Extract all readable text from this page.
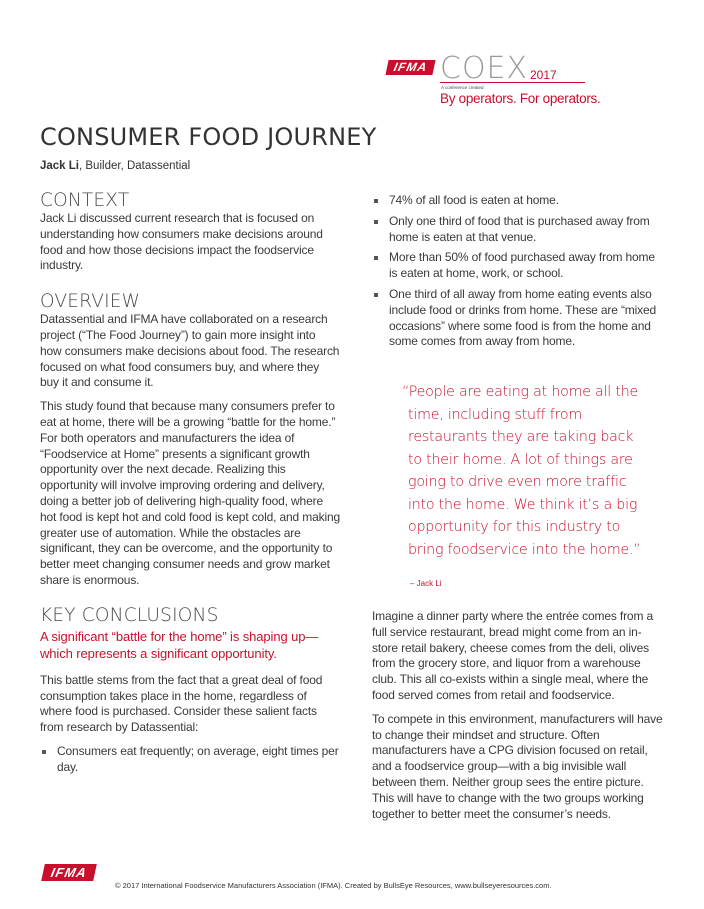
IFMA COEX 2017
A conference created
By operators. For operators.
CONSUMER FOOD JOURNEY
Jack Li, Builder, Datassential
CONTEXT

Jack Li discussed current research that is focused on understanding how consumers make decisions around food and how those decisions impact the foodservice industry.

OVERVIEW

Datassential and IFMA have collaborated on a research project (“The Food Journey”) to gain more insight into how consumers make decisions about food. The research focused on what food consumers buy, and where they buy it and consume it.

This study found that because many consumers prefer to eat at home, there will be a growing “battle for the home.” For both operators and manufacturers the idea of “Foodservice at Home” presents a significant growth opportunity over the next decade. Realizing this opportunity will involve improving ordering and delivery, doing a better job of delivering high-quality food, where hot food is kept hot and cold food is kept cold, and making greater use of automation. While the obstacles are significant, they can be overcome, and the opportunity to better meet changing consumer needs and grow market share is enormous.

KEY CONCLUSIONS
A significant “battle for the home” is shaping up—which represents a significant opportunity.

This battle stems from the fact that a great deal of food consumption takes place in the home, regardless of where food is purchased. Consider these salient facts from research by Datassential:

Consumers eat frequently; on average, eight times per day.
74% of all food is eaten at home.
Only one third of food that is purchased away from home is eaten at that venue.
More than 50% of food purchased away from home is eaten at home, work, or school.
One third of all away from home eating events also include food or drinks from home. These are “mixed occasions” where some food is from the home and some comes from away from home.
“People are eating at home all the time, including stuff from restaurants they are taking back to their home. A lot of things are going to drive even more traffic into the home. We think it’s a big opportunity for this industry to bring foodservice into the home.”
– Jack Li

Imagine a dinner party where the entrée comes from a full service restaurant, bread might come from an in-store retail bakery, cheese comes from the deli, olives from the grocery store, and liquor from a warehouse club. This all co-exists within a single meal, where the food served comes from retail and foodservice.

To compete in this environment, manufacturers will have to change their mindset and structure. Often manufacturers have a CPG division focused on retail, and a foodservice group—with a big invisible wall between them. Neither group sees the entire picture. This will have to change with the two groups working together to better meet the consumer’s needs.

IFMA
© 2017 International Foodservice Manufacturers Association (IFMA). Created by BullsEye Resources, www.bullseyeresources.com.
